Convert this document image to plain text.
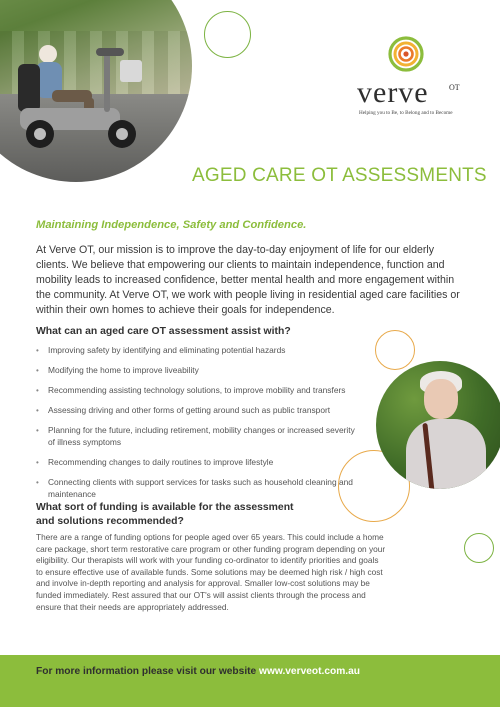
verve	OT
Helping you to Be, to Belong and to Become
AGED CARE OT ASSESSMENTS
Maintaining Independence, Safety and Confidence.
At Verve OT, our mission is to improve the day-to-day enjoyment of life for our elderly clients. We believe that empowering our clients to maintain independence, function and mobility leads to increased confidence, better mental health and more engagement within the community. At Verve OT, we work with people living in residential aged care facilities or within their own homes to achieve their goals for independence.
What can an aged care OT assessment assist with?
• Improving safety by identifying and eliminating potential hazards
• Modifying the home to improve liveability
• Recommending assisting technology solutions, to improve mobility and transfers
• Assessing driving and other forms of getting around such as public transport
• Planning for the future, including retirement, mobility changes or increased severity of illness symptoms
• Recommending changes to daily routines to improve lifestyle
• Connecting clients with support services for tasks such as household cleaning and maintenance
What sort of funding is available for the assessment and solutions recommended?
There are a range of funding options for people aged over 65 years. This could include a home care package, short term restorative care program or other funding program depending on your eligibility. Our therapists will work with your funding co-ordinator to identify priorities and goals to ensure effective use of available funds. Some solutions may be deemed high risk / high cost and involve in-depth reporting and analysis for approval. Smaller low-cost solutions may be funded immediately. Rest assured that our OT's will assist clients through the process and ensure that their needs are appropriately addressed.
For more information please visit our website www.verveot.com.au
